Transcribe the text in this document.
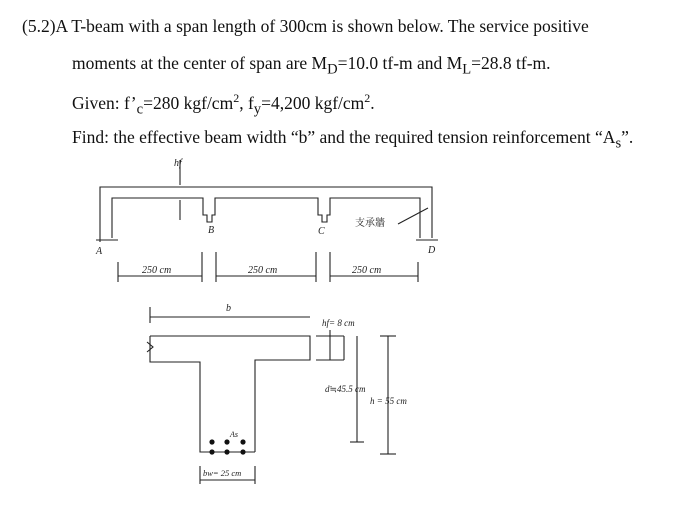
(5.2)A T-beam with a span length of 300cm is shown below. The service positive
moments at the center of span are $M_D=10.0$ tf-m and $M_L=28.8$ tf-m.
Given: $f’_c=280$ kgf/$cm^2$, $f_y=4,200$ kgf/$cm^2$.
Find: the effective beam width “b” and the required tension reinforcement “$A_s$”.
hf
A
B	C
D
250 cm	250 cm	250 cm
支承牆
b
hf= 8 cm
d≒45.5 cm
h = 55 cm
As
bw= 25 cm
